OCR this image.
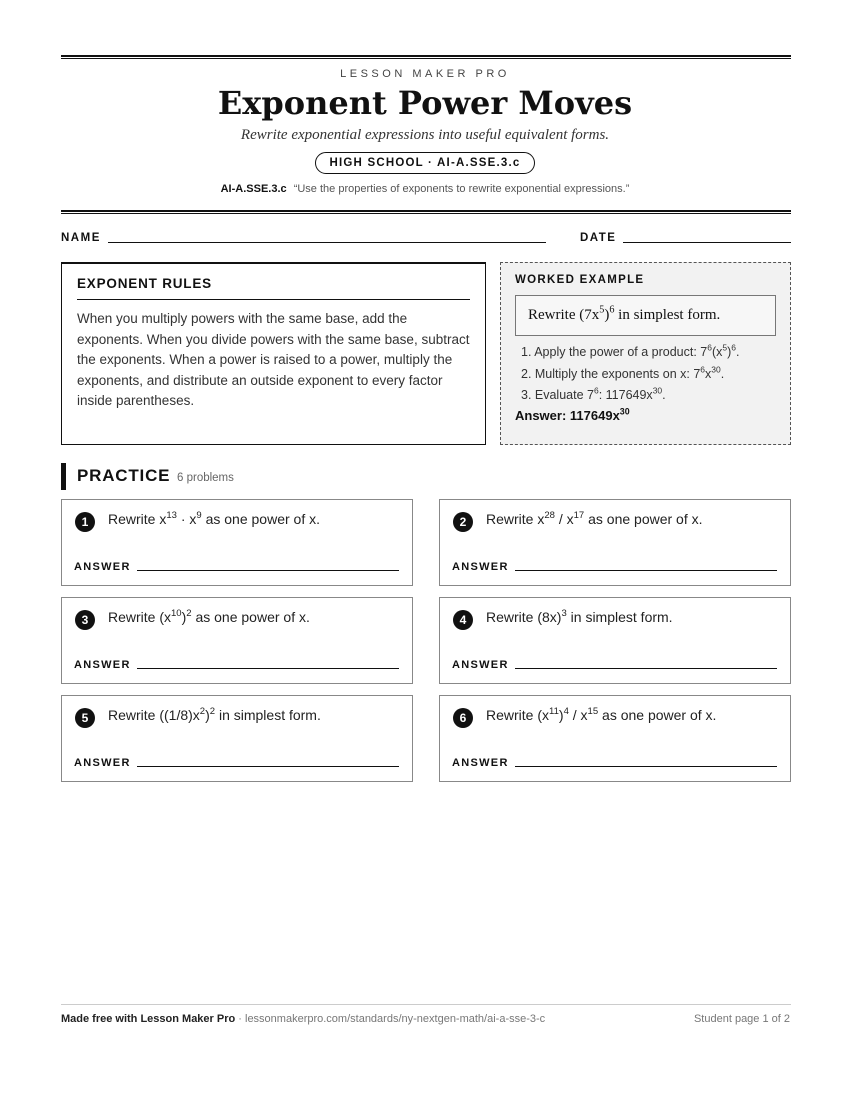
LESSON MAKER PRO
Exponent Power Moves
Rewrite exponential expressions into useful equivalent forms.
HIGH SCHOOL · AI-A.SSE.3.c
AI-A.SSE.3.c “Use the properties of exponents to rewrite exponential expressions.”
NAME	DATE
EXPONENT RULES
When you multiply powers with the same base, add the exponents. When you divide powers with the same base, subtract the exponents. When a power is raised to a power, multiply the exponents, and distribute an outside exponent to every factor inside parentheses.
WORKED EXAMPLE
Rewrite $(7x^5)^6$ in simplest form.
1. Apply the power of a product: $7^6(x^5)^6$.
2. Multiply the exponents on x: $7^6x^{30}$.
3. Evaluate $7^6$: $117649x^{30}$.
Answer: $117649x^{30}$
PRACTICE 6 problems
1	Rewrite $x^{13} \cdot x^9$ as one power of x.
ANSWER
2	Rewrite $x^{28} / x^{17}$ as one power of x.
ANSWER
3	Rewrite $(x^{10})^2$ as one power of x.
ANSWER
4	Rewrite $(8x)^3$ in simplest form.
ANSWER
5	Rewrite $((1/8)x^2)^2$ in simplest form.
ANSWER
6	Rewrite $(x^{11})^4 / x^{15}$ as one power of x.
ANSWER
Made free with Lesson Maker Pro · lessonmakerpro.com/standards/ny-nextgen-math/ai-a-sse-3-c	Student page 1 of 2
